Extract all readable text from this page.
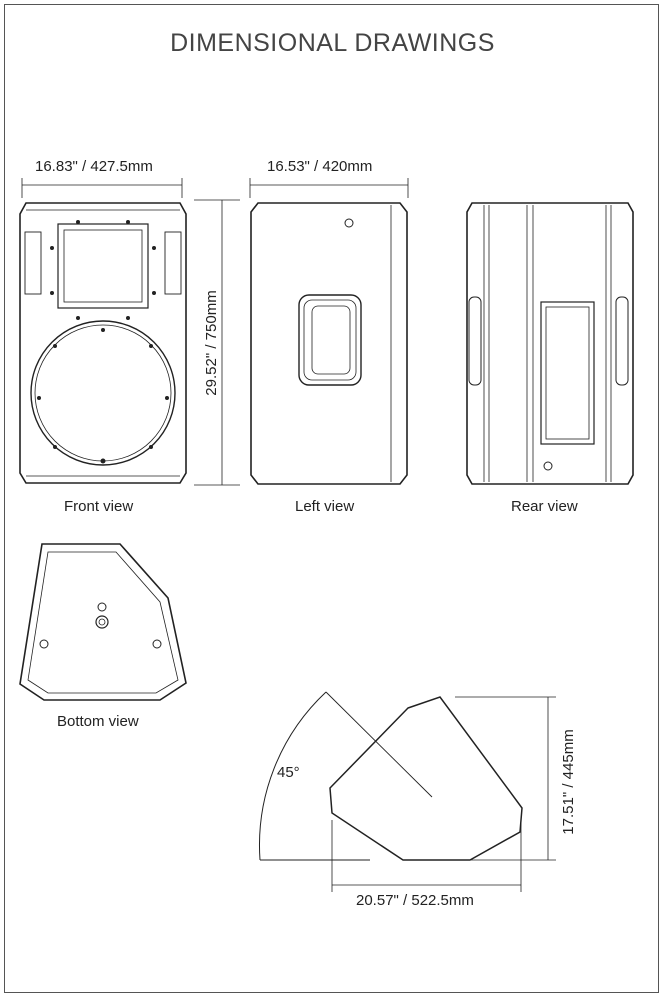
DIMENSIONAL DRAWINGS
29.52" / 750mm
17.51" / 445mm
16.83" / 427.5mm	16.53" / 420mm
Front view	Left view	Rear view
Bottom view
45°
20.57" / 522.5mm
